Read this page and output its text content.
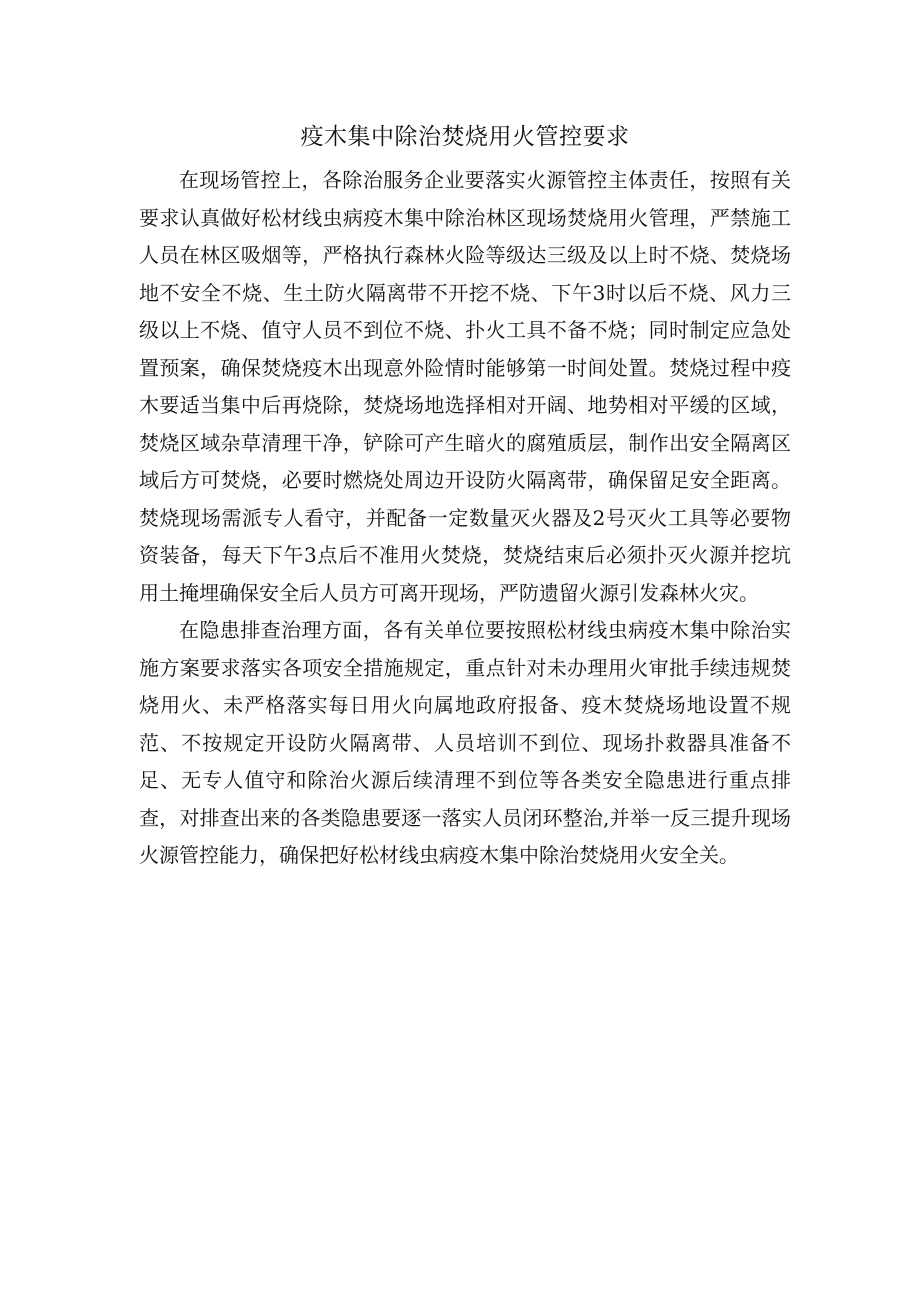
疫木集中除治焚烧用火管控要求

在现场管控上，各除治服务企业要落实火源管控主体责任，按照有关要求认真做好松材线虫病疫木集中除治林区现场焚烧用火管理，严禁施工人员在林区吸烟等，严格执行森林火险等级达三级及以上时不烧、焚烧场地不安全不烧、生土防火隔离带不开挖不烧、下午3时以后不烧、风力三级以上不烧、值守人员不到位不烧、扑火工具不备不烧；同时制定应急处置预案，确保焚烧疫木出现意外险情时能够第一时间处置。焚烧过程中疫木要适当集中后再烧除，焚烧场地选择相对开阔、地势相对平缓的区域，焚烧区域杂草清理干净，铲除可产生暗火的腐殖质层，制作出安全隔离区域后方可焚烧，必要时燃烧处周边开设防火隔离带，确保留足安全距离。焚烧现场需派专人看守，并配备一定数量灭火器及2号灭火工具等必要物资装备，每天下午3点后不准用火焚烧，焚烧结束后必须扑灭火源并挖坑用土掩埋确保安全后人员方可离开现场，严防遗留火源引发森林火灾。

在隐患排查治理方面，各有关单位要按照松材线虫病疫木集中除治实施方案要求落实各项安全措施规定，重点针对未办理用火审批手续违规焚烧用火、未严格落实每日用火向属地政府报备、疫木焚烧场地设置不规范、不按规定开设防火隔离带、人员培训不到位、现场扑救器具准备不足、无专人值守和除治火源后续清理不到位等各类安全隐患进行重点排查，对排查出来的各类隐患要逐一落实人员闭环整治,并举一反三提升现场火源管控能力，确保把好松材线虫病疫木集中除治焚烧用火安全关。
